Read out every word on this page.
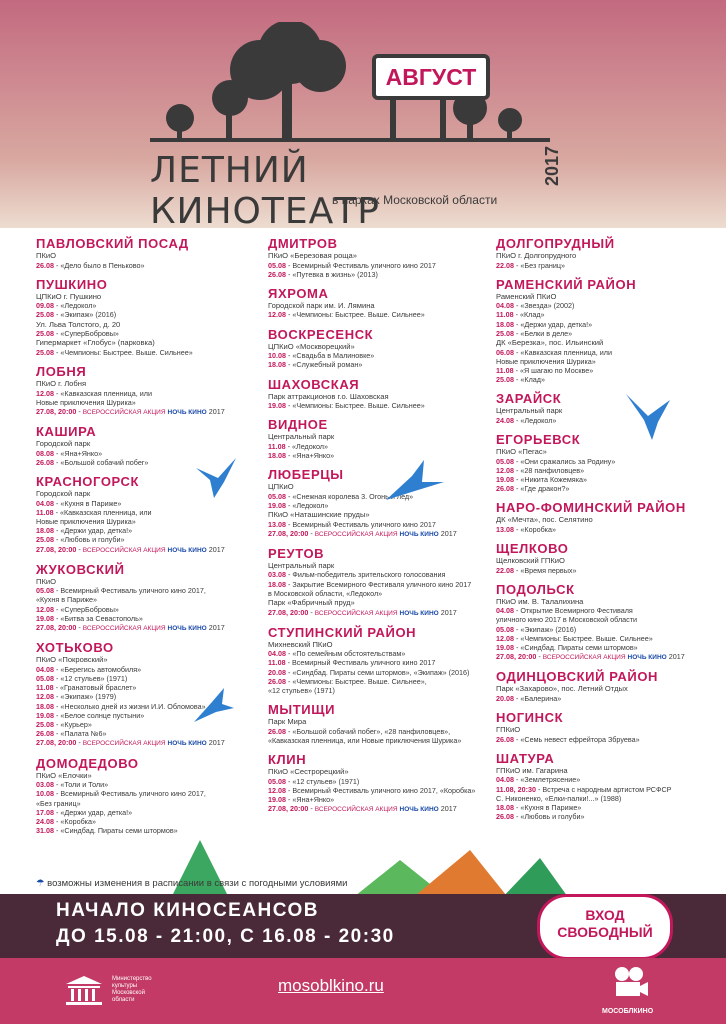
АВГУСТ
ЛЕТНИЙ КИНОТЕАТР
в парках Московской области
2017
ПАВЛОВСКИЙ ПОСАД
ПКиО
26.08 - «Дело было в Пеньково»
ПУШКИНО
ЦПКиО г. Пушкино
09.08 - «Ледокол»
25.08 - «Экипаж» (2016)
Ул. Льва Толстого, д. 20
25.08 - «СуперБобровы»
Гипермаркет «Глобус» (парковка)
25.08 - «Чемпионы: Быстрее. Выше. Сильнее»
ЛОБНЯ
ПКиО г. Лобня
12.08 - «Кавказская пленница, или
Новые приключения Шурика»
27.08, 20:00 - ВСЕРОССИЙСКАЯ АКЦИЯ НОЧЬ КИНО 2017
КАШИРА
Городской парк
08.08 - «Яна+Янко»
26.08 - «Большой собачий побег»
КРАСНОГОРСК
Городской парк
04.08 - «Кухня в Париже»
11.08 - «Кавказская пленница, или
Новые приключения Шурика»
18.08 - «Держи удар, детка!»
25.08 - «Любовь и голуби»
27.08, 20:00 - ВСЕРОССИЙСКАЯ АКЦИЯ НОЧЬ КИНО 2017
ЖУКОВСКИЙ
ПКиО
05.08 - Всемирный Фестиваль уличного кино 2017,
«Кухня в Париже»
12.08 - «СуперБобровы»
19.08 - «Битва за Севастополь»
27.08, 20:00 - ВСЕРОССИЙСКАЯ АКЦИЯ НОЧЬ КИНО 2017
ХОТЬКОВО
ПКиО «Покровский»
04.08 - «Берегись автомобиля»
05.08 - «12 стульев» (1971)
11.08 - «Гранатовый браслет»
12.08 - «Экипаж» (1979)
18.08 - «Несколько дней из жизни И.И. Обломова»
19.08 - «Белое солнце пустыни»
25.08 - «Курьер»
26.08 - «Палата №6»
27.08, 20:00 - ВСЕРОССИЙСКАЯ АКЦИЯ НОЧЬ КИНО 2017
ДОМОДЕДОВО
ПКиО «Елочки»
03.08 - «Толи и Толи»
10.08 - Всемирный Фестиваль уличного кино 2017,
«Без границ»
17.08 - «Держи удар, детка!»
24.08 - «Коробка»
31.08 - «Синдбад. Пираты семи штормов»
ДМИТРОВ
ПКиО «Березовая роща»
05.08 - Всемирный Фестиваль уличного кино 2017
26.08 - «Путевка в жизнь» (2013)
ЯХРОМА
Городской парк им. И. Лямина
12.08 - «Чемпионы: Быстрее. Выше. Сильнее»
ВОСКРЕСЕНСК
ЦПКиО «Москворецкий»
10.08 - «Свадьба в Малиновке»
18.08 - «Служебный роман»
ШАХОВСКАЯ
Парк аттракционов г.о. Шаховская
19.08 - «Чемпионы: Быстрее. Выше. Сильнее»
ВИДНОЕ
Центральный парк
11.08 - «Ледокол»
18.08 - «Яна+Янко»
ЛЮБЕРЦЫ
ЦПКиО
05.08 - «Снежная королева 3. Огонь и лед»
19.08 - «Ледокол»
ПКиО «Наташинские пруды»
13.08 - Всемирный Фестиваль уличного кино 2017
27.08, 20:00 - ВСЕРОССИЙСКАЯ АКЦИЯ НОЧЬ КИНО 2017
РЕУТОВ
Центральный парк
03.08 - Фильм-победитель зрительского голосования
18.08 - Закрытие Всемирного Фестиваля уличного кино 2017
в Московской области, «Ледокол»
Парк «Фабричный пруд»
27.08, 20:00 - ВСЕРОССИЙСКАЯ АКЦИЯ НОЧЬ КИНО 2017
СТУПИНСКИЙ РАЙОН
Михневский ПКиО
04.08 - «По семейным обстоятельствам»
11.08 - Всемирный Фестиваль уличного кино 2017
20.08 - «Синдбад. Пираты семи штормов», «Экипаж» (2016)
26.08 - «Чемпионы: Быстрее. Выше. Сильнее»,
«12 стульев» (1971)
МЫТИЩИ
Парк Мира
26.08 - «Большой собачий побег», «28 панфиловцев»,
«Кавказская пленница, или Новые приключения Шурика»
КЛИН
ПКиО «Сестрорецкий»
05.08 - «12 стульев» (1971)
12.08 - Всемирный Фестиваль уличного кино 2017, «Коробка»
19.08 - «Яна+Янко»
27.08, 20:00 - ВСЕРОССИЙСКАЯ АКЦИЯ НОЧЬ КИНО 2017
ДОЛГОПРУДНЫЙ
ПКиО г. Долгопрудного
22.08 - «Без границ»
РАМЕНСКИЙ РАЙОН
Раменский ПКиО
04.08 - «Звезда» (2002)
11.08 - «Клад»
18.08 - «Держи удар, детка!»
25.08 - «Белки в деле»
ДК «Березка», пос. Ильинский
06.08 - «Кавказская пленница, или
Новые приключения Шурика»
11.08 - «Я шагаю по Москве»
25.08 - «Клад»
ЗАРАЙСК
Центральный парк
24.08 - «Ледокол»
ЕГОРЬЕВСК
ПКиО «Пегас»
05.08 - «Они сражались за Родину»
12.08 - «28 панфиловцев»
19.08 - «Никита Кожемяка»
26.08 - «Где дракон?»
НАРО-ФОМИНСКИЙ РАЙОН
ДК «Мечта», пос. Селятино
13.08 - «Коробка»
ЩЕЛКОВО
Щелковский ГПКиО
22.08 - «Время первых»
ПОДОЛЬСК
ПКиО им. В. Талалихина
04.08 - Открытие Всемирного Фестиваля
уличного кино 2017 в Московской области
05.08 - «Экипаж» (2016)
12.08 - «Чемпионы: Быстрее. Выше. Сильнее»
19.08 - «Синдбад. Пираты семи штормов»
27.08, 20:00 - ВСЕРОССИЙСКАЯ АКЦИЯ НОЧЬ КИНО 2017
ОДИНЦОВСКИЙ РАЙОН
Парк «Захарово», пос. Летний Отдых
20.08 - «Балерина»
НОГИНСК
ГПКиО
26.08 - «Семь невест ефрейтора Збруева»
ШАТУРА
ГПКиО им. Гагарина
04.08 - «Землетрясение»
11.08, 20:30 - Встреча с народным артистом РСФСР
С. Никоненко, «Елки-палки!...» (1988)
18.08 - «Кухня в Париже»
26.08 - «Любовь и голуби»
☂ возможны изменения в расписании в связи с погодными условиями
НАЧАЛО КИНОСЕАНСОВ
ДО 15.08 - 21:00, С 16.08 - 20:30
ВХОД
СВОБОДНЫЙ
Министерство
культуры
Московской
области
mosoblkino.ru
МОСОБЛКИНО
